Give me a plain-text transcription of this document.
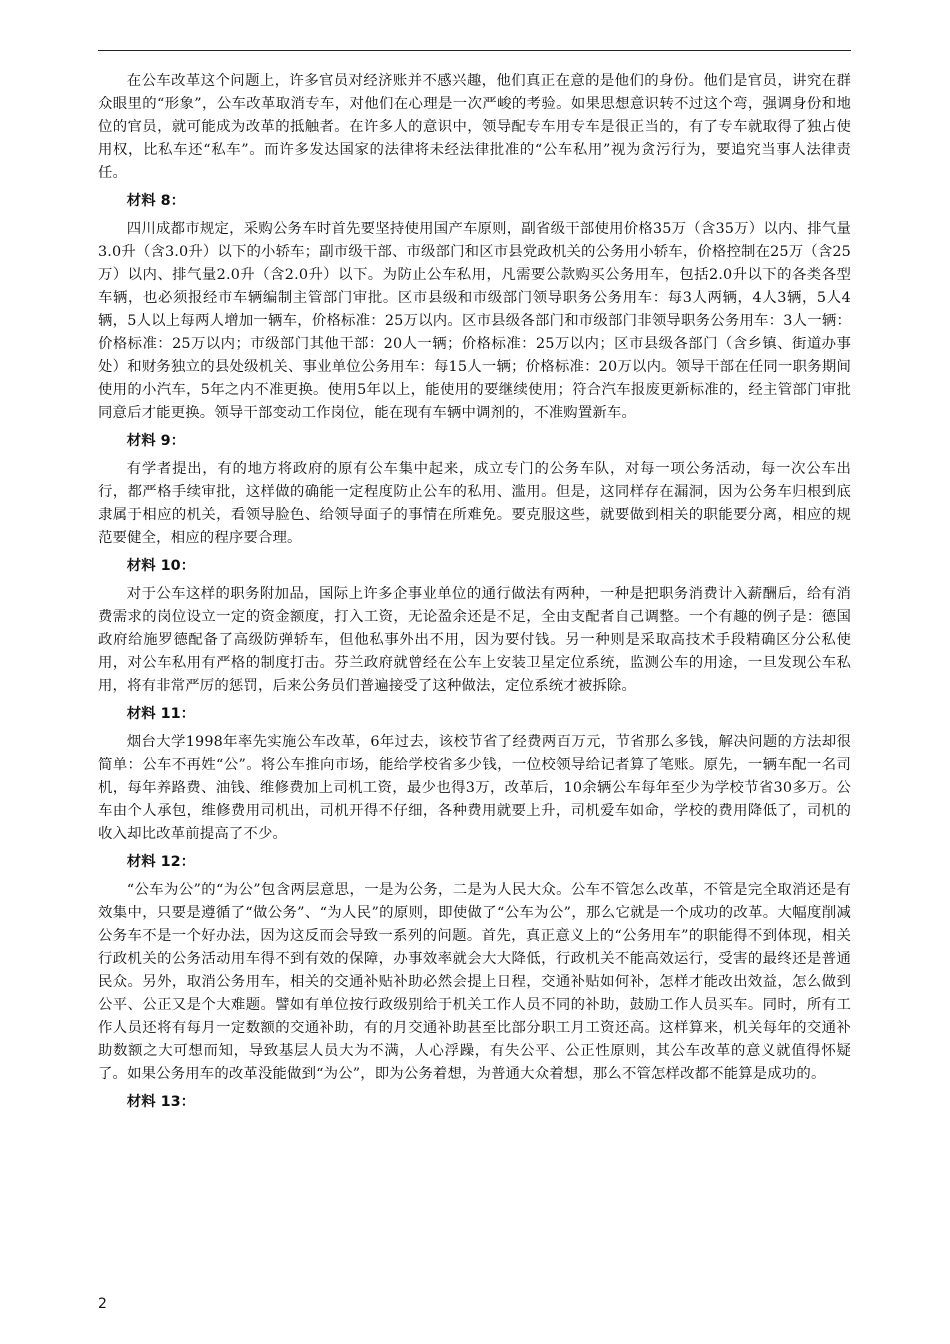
在公车改革这个问题上，许多官员对经济账并不感兴趣，他们真正在意的是他们的身份。他们是官员，讲究在群众眼里的“形象”，公车改革取消专车，对他们在心理是一次严峻的考验。如果思想意识转不过这个弯，强调身份和地位的官员，就可能成为改革的抵触者。在许多人的意识中，领导配专车用专车是很正当的，有了专车就取得了独占使用权，比私车还“私车”。而许多发达国家的法律将未经法律批准的“公车私用”视为贪污行为，要追究当事人法律责任。

材料 8：

四川成都市规定，采购公务车时首先要坚持使用国产车原则，副省级干部使用价格35万（含35万）以内、排气量3.0升（含3.0升）以下的小轿车；副市级干部、市级部门和区市县党政机关的公务用小轿车，价格控制在25万（含25万）以内、排气量2.0升（含2.0升）以下。为防止公车私用，凡需要公款购买公务用车，包括2.0升以下的各类各型车辆，也必须报经市车辆编制主管部门审批。区市县级和市级部门领导职务公务用车：每3人两辆，4人3辆，5人4辆，5人以上每两人增加一辆车，价格标准：25万以内。区市县级各部门和市级部门非领导职务公务用车：3人一辆：价格标准：25万以内；市级部门其他干部：20人一辆；价格标准：25万以内；区市县级各部门（含乡镇、街道办事处）和财务独立的县处级机关、事业单位公务用车：每15人一辆；价格标准：20万以内。领导干部在任同一职务期间使用的小汽车，5年之内不准更换。使用5年以上，能使用的要继续使用；符合汽车报废更新标准的，经主管部门审批同意后才能更换。领导干部变动工作岗位，能在现有车辆中调剂的，不准购置新车。

材料 9：

有学者提出，有的地方将政府的原有公车集中起来，成立专门的公务车队，对每一项公务活动，每一次公车出行，都严格手续审批，这样做的确能一定程度防止公车的私用、滥用。但是，这同样存在漏洞，因为公务车归根到底隶属于相应的机关，看领导脸色、给领导面子的事情在所难免。要克服这些，就要做到相关的职能要分离，相应的规范要健全，相应的程序要合理。

材料 10：

对于公车这样的职务附加品，国际上许多企事业单位的通行做法有两种，一种是把职务消费计入薪酬后，给有消费需求的岗位设立一定的资金额度，打入工资，无论盈余还是不足，全由支配者自己调整。一个有趣的例子是：德国政府给施罗德配备了高级防弹轿车，但他私事外出不用，因为要付钱。另一种则是采取高技术手段精确区分公私使用，对公车私用有严格的制度打击。芬兰政府就曾经在公车上安装卫星定位系统，监测公车的用途，一旦发现公车私用，将有非常严厉的惩罚，后来公务员们普遍接受了这种做法，定位系统才被拆除。

材料 11：

烟台大学1998年率先实施公车改革，6年过去，该校节省了经费两百万元，节省那么多钱，解决问题的方法却很简单：公车不再姓“公”。将公车推向市场，能给学校省多少钱，一位校领导给记者算了笔账。原先，一辆车配一名司机，每年养路费、油钱、维修费加上司机工资，最少也得3万，改革后，10余辆公车每年至少为学校节省30多万。公车由个人承包，维修费用司机出，司机开得不仔细，各种费用就要上升，司机爱车如命，学校的费用降低了，司机的收入却比改革前提高了不少。

材料 12：

“公车为公”的“为公”包含两层意思，一是为公务，二是为人民大众。公车不管怎么改革，不管是完全取消还是有效集中，只要是遵循了“做公务”、“为人民”的原则，即使做了“公车为公”，那么它就是一个成功的改革。大幅度削减公务车不是一个好办法，因为这反而会导致一系列的问题。首先，真正意义上的“公务用车”的职能得不到体现，相关行政机关的公务活动用车得不到有效的保障，办事效率就会大大降低，行政机关不能高效运行，受害的最终还是普通民众。另外，取消公务用车，相关的交通补贴补助必然会提上日程，交通补贴如何补，怎样才能改出效益，怎么做到公平、公正又是个大难题。譬如有单位按行政级别给于机关工作人员不同的补助，鼓励工作人员买车。同时，所有工作人员还将有每月一定数额的交通补助，有的月交通补助甚至比部分职工月工资还高。这样算来，机关每年的交通补助数额之大可想而知，导致基层人员大为不满，人心浮躁，有失公平、公正性原则，其公车改革的意义就值得怀疑了。如果公务用车的改革没能做到“为公”，即为公务着想，为普通大众着想，那么不管怎样改都不能算是成功的。

材料 13：
2
